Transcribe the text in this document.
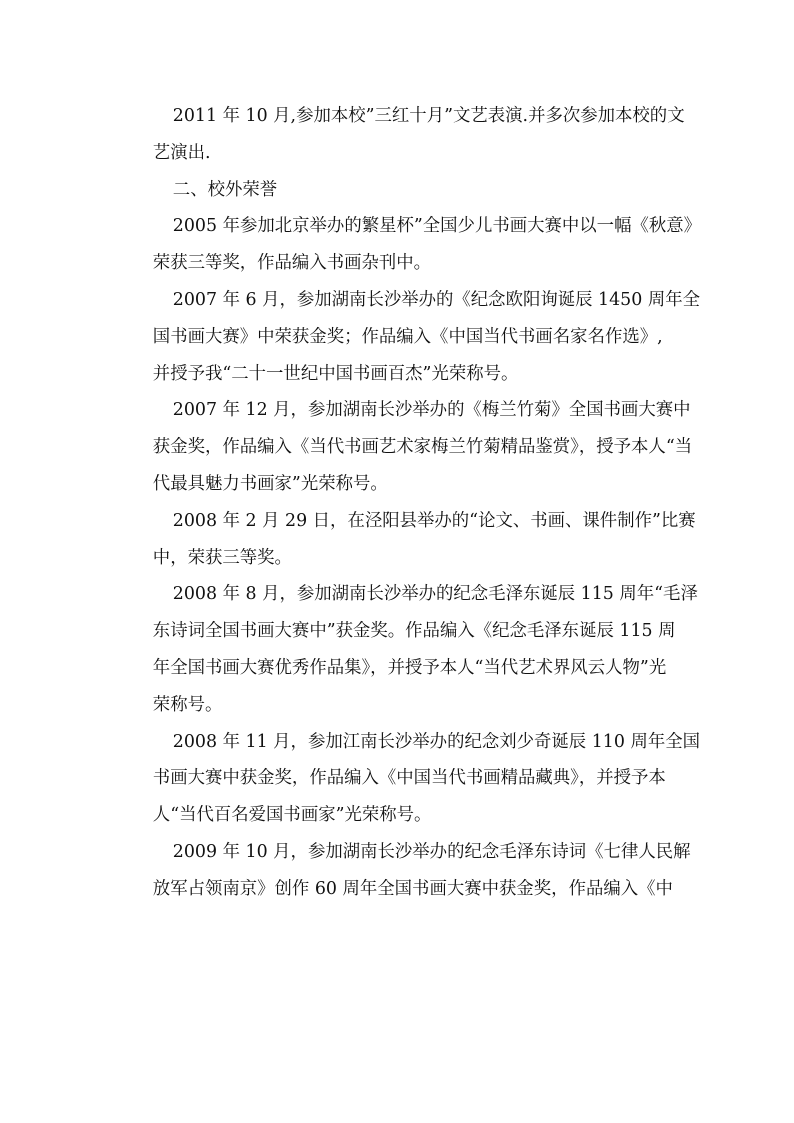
2011 年 10 月,参加本校”三红十月”文艺表演.并多次参加本校的文
艺演出.
二、校外荣誉
2005 年参加北京举办的繁星杯”全国少儿书画大赛中以一幅《秋意》
荣获三等奖，作品编入书画杂刊中。
2007 年 6 月，参加湖南长沙举办的《纪念欧阳询诞辰 1450 周年全
国书画大赛》中荣获金奖；作品编入《中国当代书画名家名作选》,
并授予我“二十一世纪中国书画百杰”光荣称号。
2007 年 12 月，参加湖南长沙举办的《梅兰竹菊》全国书画大赛中
获金奖，作品编入《当代书画艺术家梅兰竹菊精品鉴赏》，授予本人“当
代最具魅力书画家”光荣称号。
2008 年 2 月 29 日，在泾阳县举办的“论文、书画、课件制作”比赛
中，荣获三等奖。
2008 年 8 月，参加湖南长沙举办的纪念毛泽东诞辰 115 周年“毛泽
东诗词全国书画大赛中”获金奖。作品编入《纪念毛泽东诞辰 115 周
年全国书画大赛优秀作品集》，并授予本人“当代艺术界风云人物”光
荣称号。
2008 年 11 月，参加江南长沙举办的纪念刘少奇诞辰 110 周年全国
书画大赛中获金奖，作品编入《中国当代书画精品藏典》，并授予本
人“当代百名爱国书画家”光荣称号。
2009 年 10 月，参加湖南长沙举办的纪念毛泽东诗词《七律人民解
放军占领南京》创作 60 周年全国书画大赛中获金奖，作品编入《中
